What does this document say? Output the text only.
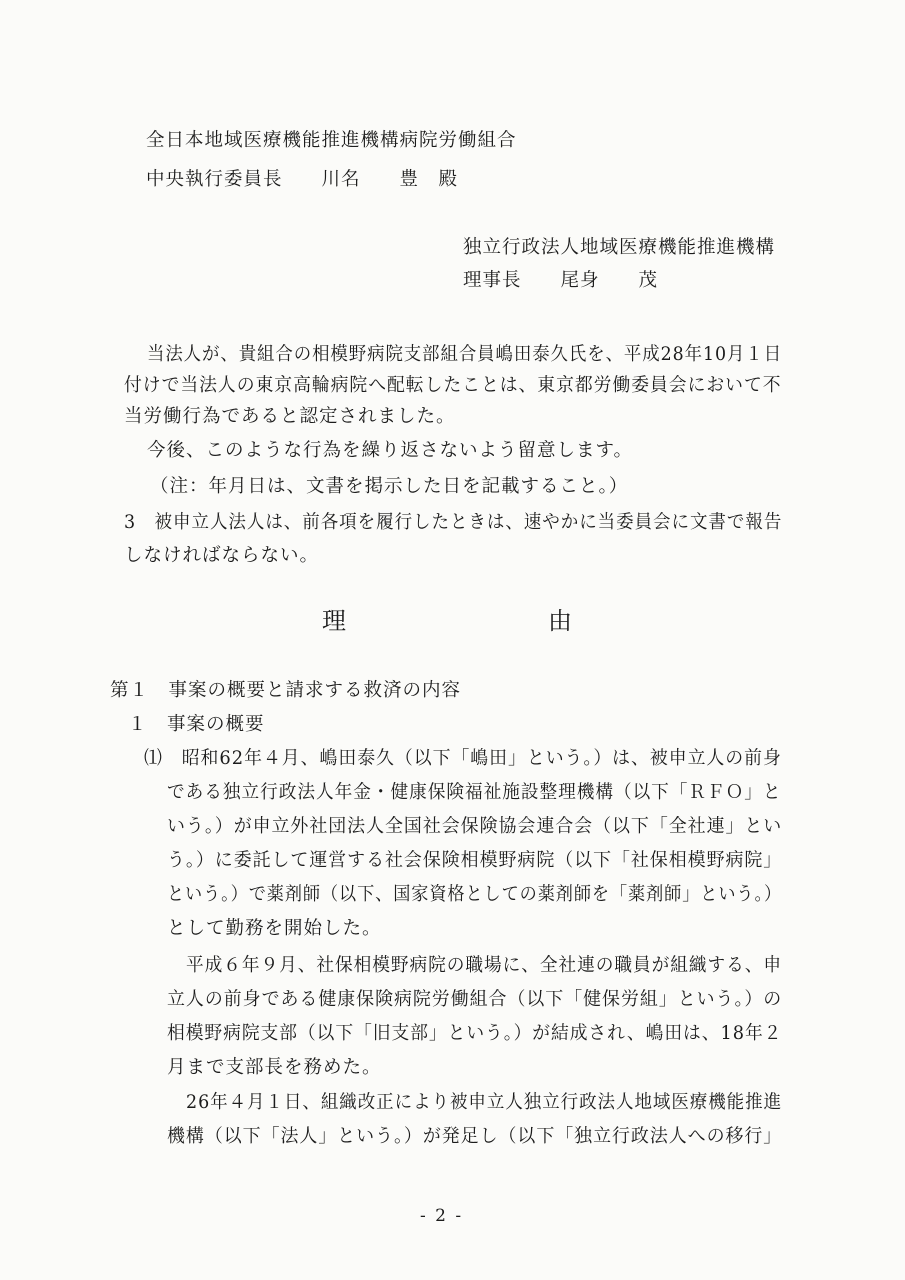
全日本地域医療機能推進機構病院労働組合
中央執行委員長　　川名　　豊　殿
独立行政法人地域医療機能推進機構
理事長　　尾身　　茂
当法人が、貴組合の相模野病院支部組合員嶋田泰久氏を、平成28年10月１日
付けで当法人の東京高輪病院へ配転したことは、東京都労働委員会において不
当労働行為であると認定されました。
今後、このような行為を繰り返さないよう留意します。
（注：年月日は、文書を掲示した日を記載すること。）
3　被申立人法人は、前各項を履行したときは、速やかに当委員会に文書で報告
しなければならない。
理	由
第１　事案の概要と請求する救済の内容
１　事案の概要
⑴　昭和62年４月、嶋田泰久（以下「嶋田」という。）は、被申立人の前身
である独立行政法人年金・健康保険福祉施設整理機構（以下「ＲＦＯ」と
いう。）が申立外社団法人全国社会保険協会連合会（以下「全社連」とい
う。）に委託して運営する社会保険相模野病院（以下「社保相模野病院」
という。）で薬剤師（以下、国家資格としての薬剤師を「薬剤師」という。）
として勤務を開始した。
平成６年９月、社保相模野病院の職場に、全社連の職員が組織する、申
立人の前身である健康保険病院労働組合（以下「健保労組」という。）の
相模野病院支部（以下「旧支部」という。）が結成され、嶋田は、18年２
月まで支部長を務めた。
26年４月１日、組織改正により被申立人独立行政法人地域医療機能推進
機構（以下「法人」という。）が発足し（以下「独立行政法人への移行」
- 2 -
